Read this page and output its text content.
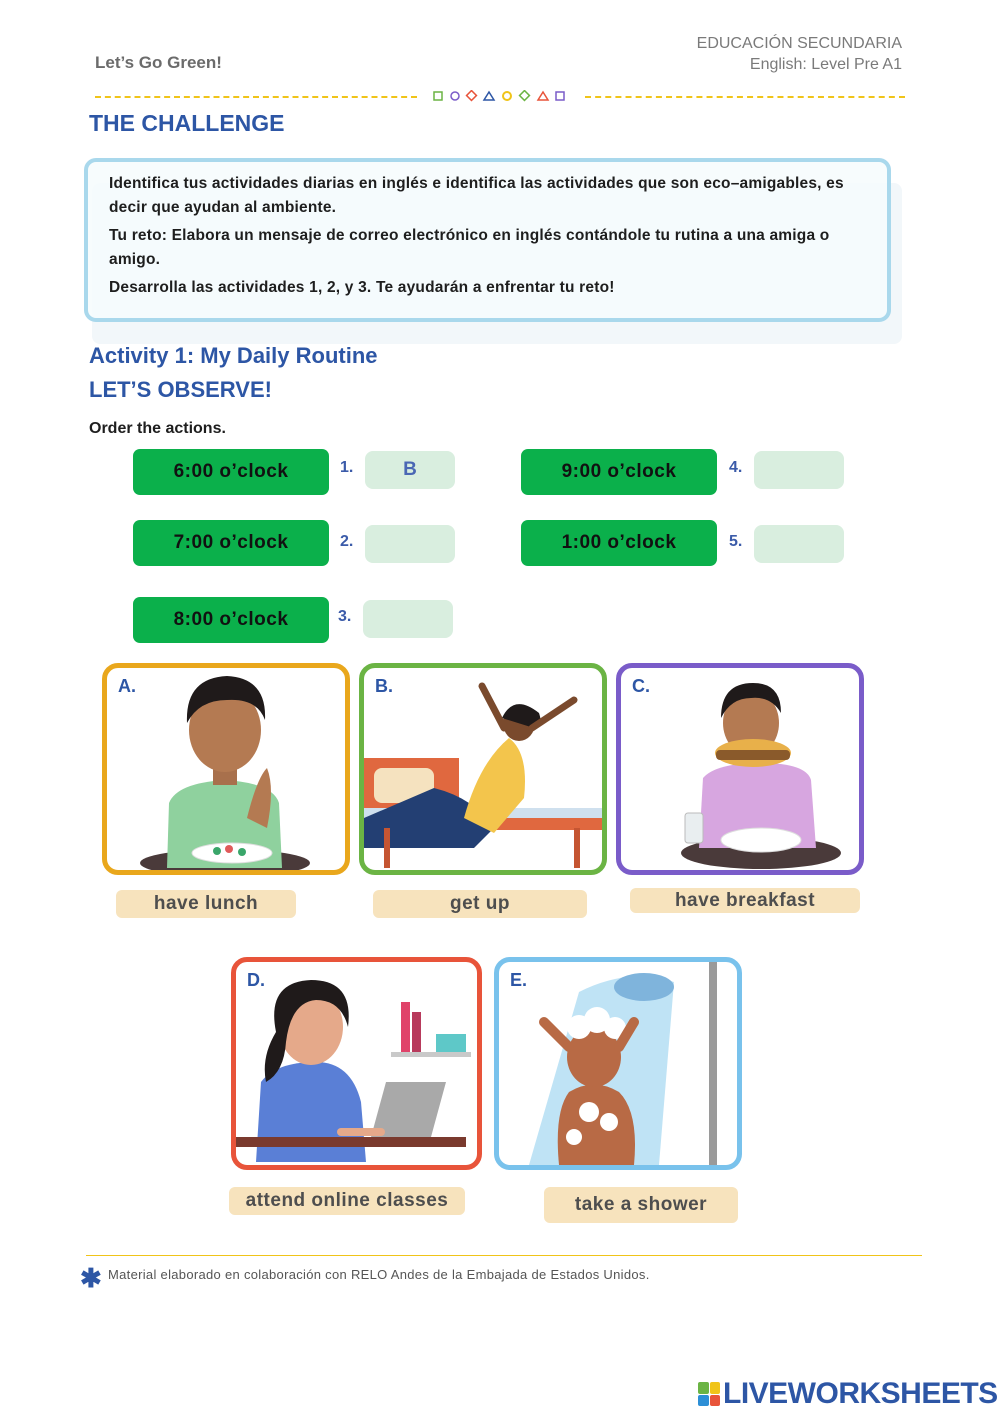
Let’s Go Green!
EDUCACIÓN SECUNDARIA
English: Level Pre A1
THE CHALLENGE

Identifica tus actividades diarias en inglés e identifica las actividades que son eco–amigables, es decir que ayudan al ambiente.

Tu reto: Elabora un mensaje de correo electrónico en inglés contándole tu rutina a una amiga o amigo.

Desarrolla las actividades 1, 2, y 3. Te ayudarán a enfrentar tu reto!

Activity 1: My Daily Routine
LET’S OBSERVE!
Order the actions.
6:00 o’clock	1.	B
7:00 o’clock	2.
8:00 o’clock	3.
9:00 o’clock	4.
1:00 o’clock	5.
A.
have lunch
B.
get up
C.
have breakfast
D.
attend online classes
E.
take a shower
✱ Material elaborado en colaboración con RELO Andes de la Embajada de Estados Unidos.
LIVEWORKSHEETS
